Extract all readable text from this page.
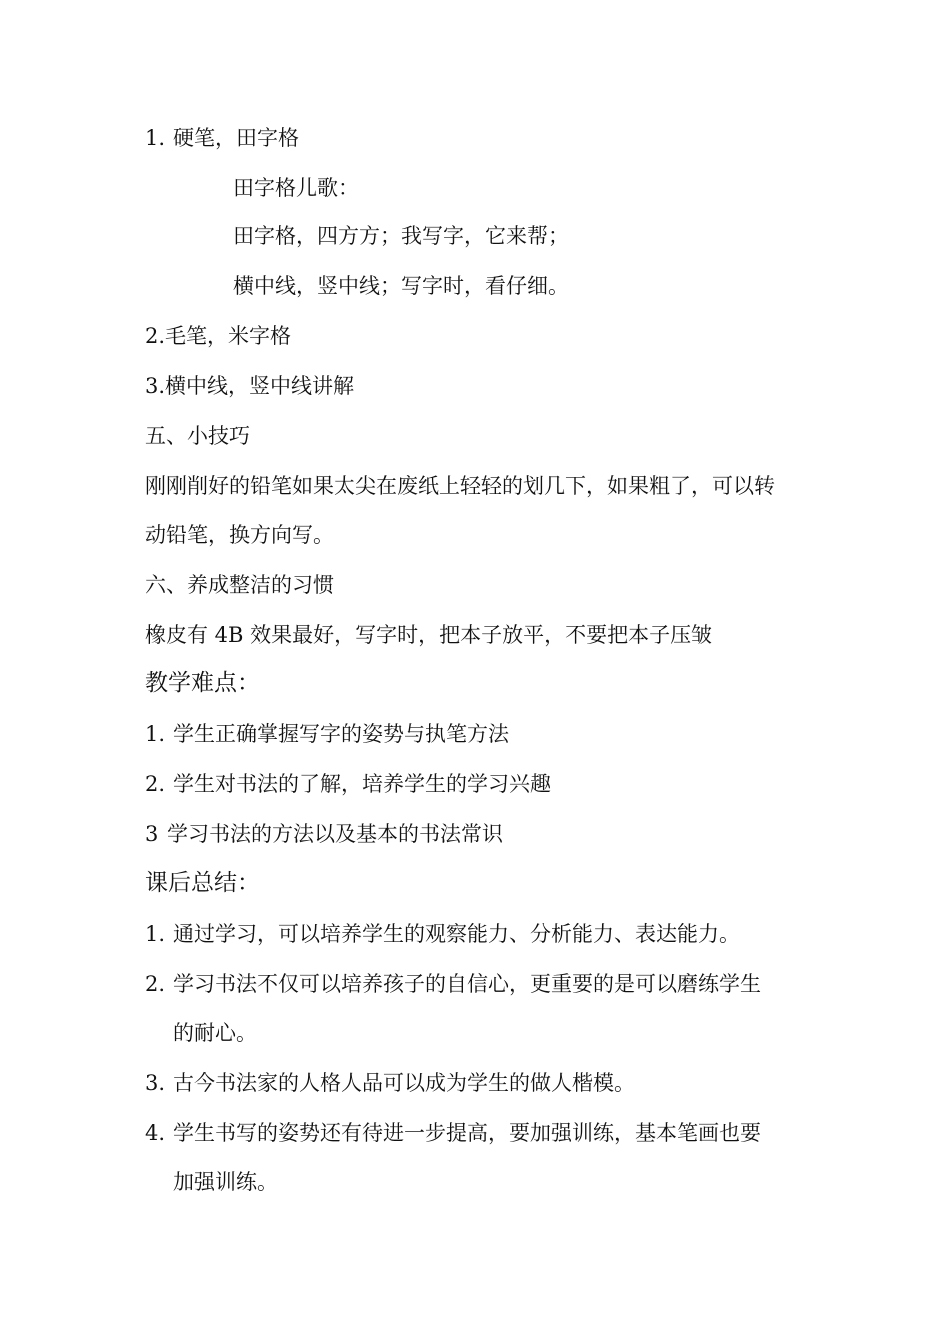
1. 硬笔，田字格
田字格儿歌：
田字格，四方方；我写字，它来帮；
横中线，竖中线；写字时，看仔细。
2.毛笔，米字格
3.横中线，竖中线讲解
五、小技巧
刚刚削好的铅笔如果太尖在废纸上轻轻的划几下，如果粗了，可以转
动铅笔，换方向写。
六、养成整洁的习惯
橡皮有 4B 效果最好，写字时，把本子放平，不要把本子压皱
教学难点：
1. 学生正确掌握写字的姿势与执笔方法
2. 学生对书法的了解，培养学生的学习兴趣
3 学习书法的方法以及基本的书法常识
课后总结：
1. 通过学习，可以培养学生的观察能力、分析能力、表达能力。
2. 学习书法不仅可以培养孩子的自信心，更重要的是可以磨练学生
的耐心。
3. 古今书法家的人格人品可以成为学生的做人楷模。
4. 学生书写的姿势还有待进一步提高，要加强训练，基本笔画也要
加强训练。
